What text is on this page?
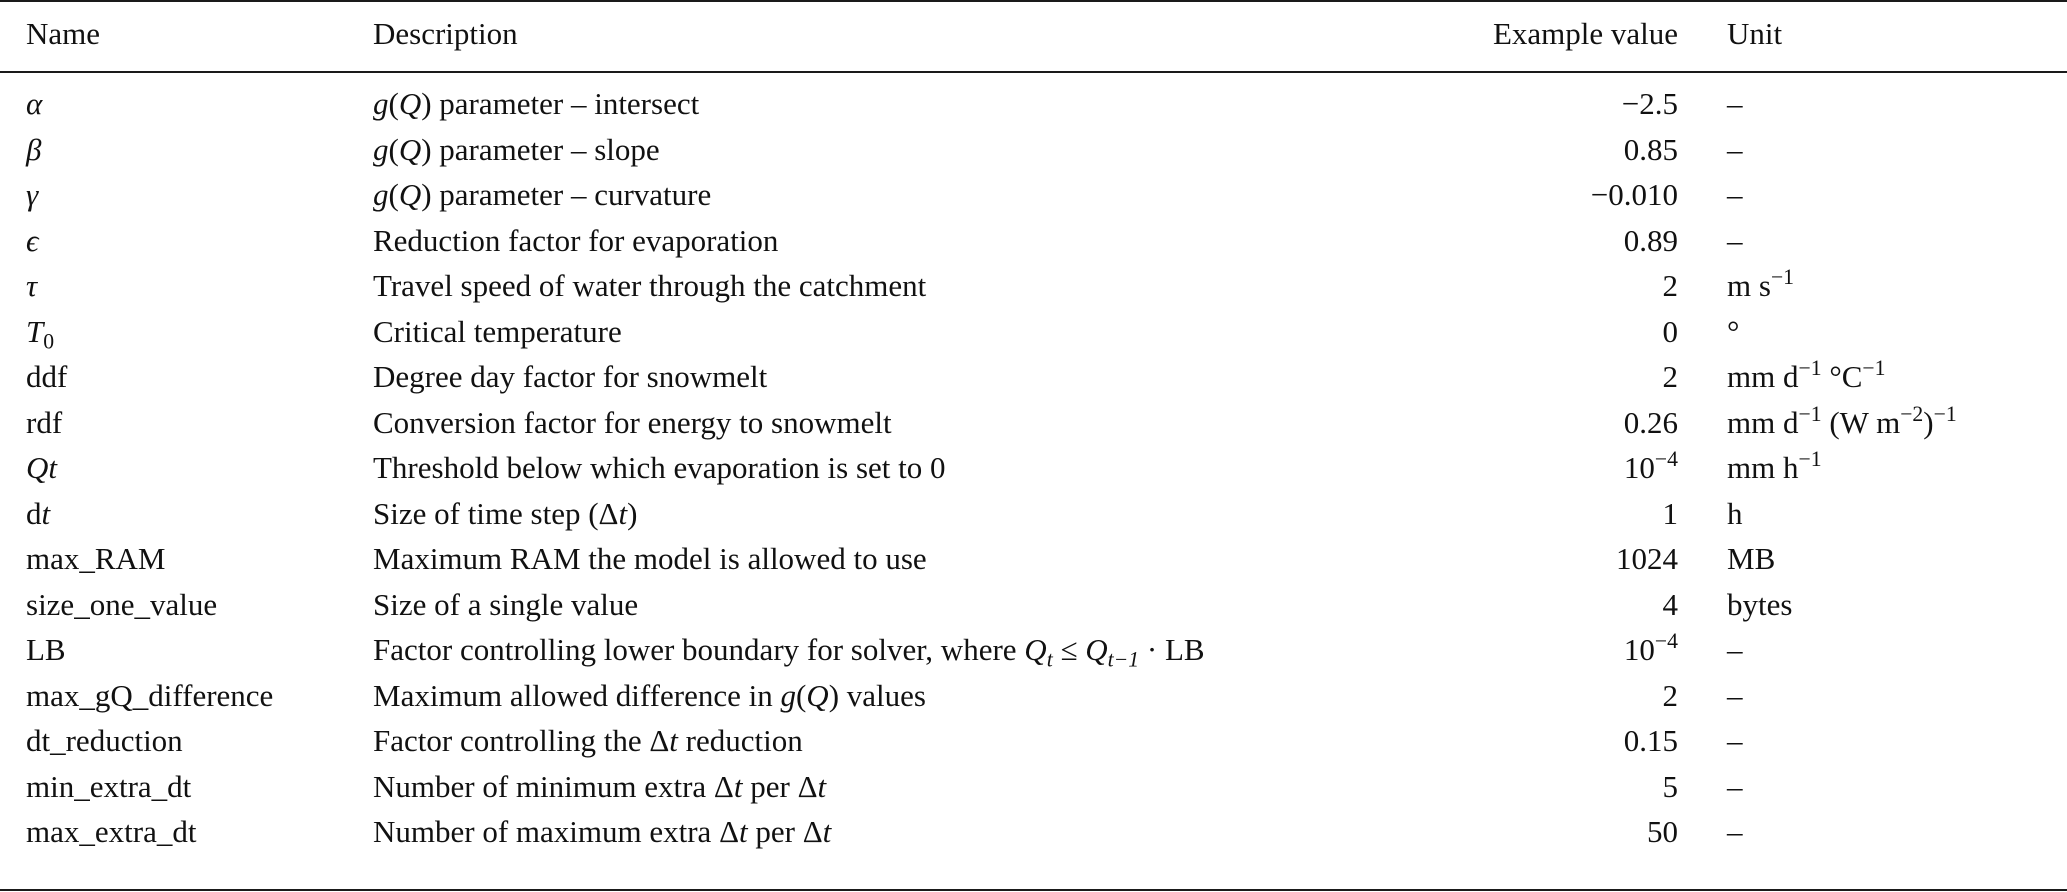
Name	Description	Example value Unit
α	g(Q) parameter – intersect	−2.5 –
β	g(Q) parameter – slope	0.85 –
γ	g(Q) parameter – curvature	−0.010 –
ϵ	Reduction factor for evaporation	0.89 –
τ	Travel speed of water through the catchment	2 m $s^{-1}$
$T_0$	Critical temperature	0 °
ddf	Degree day factor for snowmelt	2 mm $d^{-1}$ $^\circ C^{-1}$
rdf	Conversion factor for energy to snowmelt	0.26 mm $d^{-1}$ (W $m^{-2})^{-1}$
Qt	Threshold below which evaporation is set to 0	$10^{-4}$ mm $h^{-1}$
dt	Size of time step (Δt)	1 h
max_RAM	Maximum RAM the model is allowed to use	1024 MB
size_one_value	Size of a single value	4 bytes
LB	Factor controlling lower boundary for solver, where $Q_t \le Q_{t-1}$ · LB	$10^{-4}$ –
max_gQ_difference	Maximum allowed difference in g(Q) values	2 –
dt_reduction	Factor controlling the Δt reduction	0.15 –
min_extra_dt	Number of minimum extra Δt per Δt	5 –
max_extra_dt	Number of maximum extra Δt per Δt	50 –
